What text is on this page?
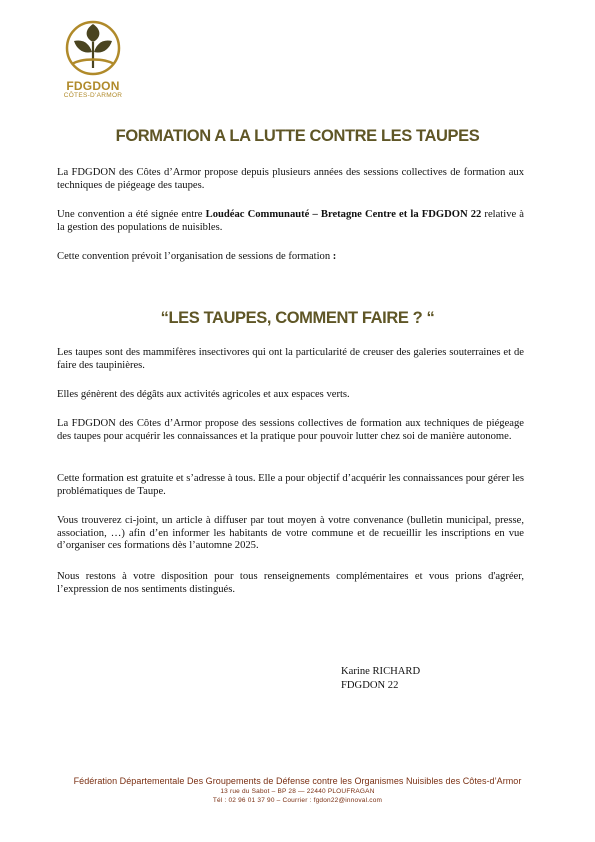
FDGDON
CÔTES-D'ARMOR
FORMATION A LA LUTTE CONTRE LES TAUPES

La FDGDON des Côtes d’Armor propose depuis plusieurs années des sessions collectives de formation aux techniques de piégeage des taupes.

Une convention a été signée entre Loudéac Communauté – Bretagne Centre et la FDGDON 22 relative à la gestion des populations de nuisibles.

Cette convention prévoit l’organisation de sessions de formation :

“LES TAUPES, COMMENT FAIRE ? “

Les taupes sont des mammifères insectivores qui ont la particularité de creuser des galeries souterraines et de faire des taupinières.

Elles génèrent des dégâts aux activités agricoles et aux espaces verts.

La FDGDON des Côtes d’Armor propose des sessions collectives de formation aux techniques de piégeage des taupes pour acquérir les connaissances et la pratique pour pouvoir lutter chez soi de manière autonome.

Cette formation est gratuite et s’adresse à tous. Elle a pour objectif d’acquérir les connaissances pour gérer les problématiques de Taupe.

Vous trouverez ci-joint, un article à diffuser par tout moyen à votre convenance (bulletin municipal, presse, association, …) afin d’en informer les habitants de votre commune et de recueillir les inscriptions en vue d’organiser ces formations dès l’automne 2025.

Nous restons à votre disposition pour tous renseignements complémentaires et vous prions d'agréer, l’expression de nos sentiments distingués.

Karine RICHARD
FDGDON 22
Fédération Départementale Des Groupements de Défense contre les Organismes Nuisibles des Côtes-d’Armor
13 rue du Sabot – BP 28 — 22440 PLOUFRAGAN
Tél : 02 96 01 37 90 – Courrier : fgdon22@innoval.com
